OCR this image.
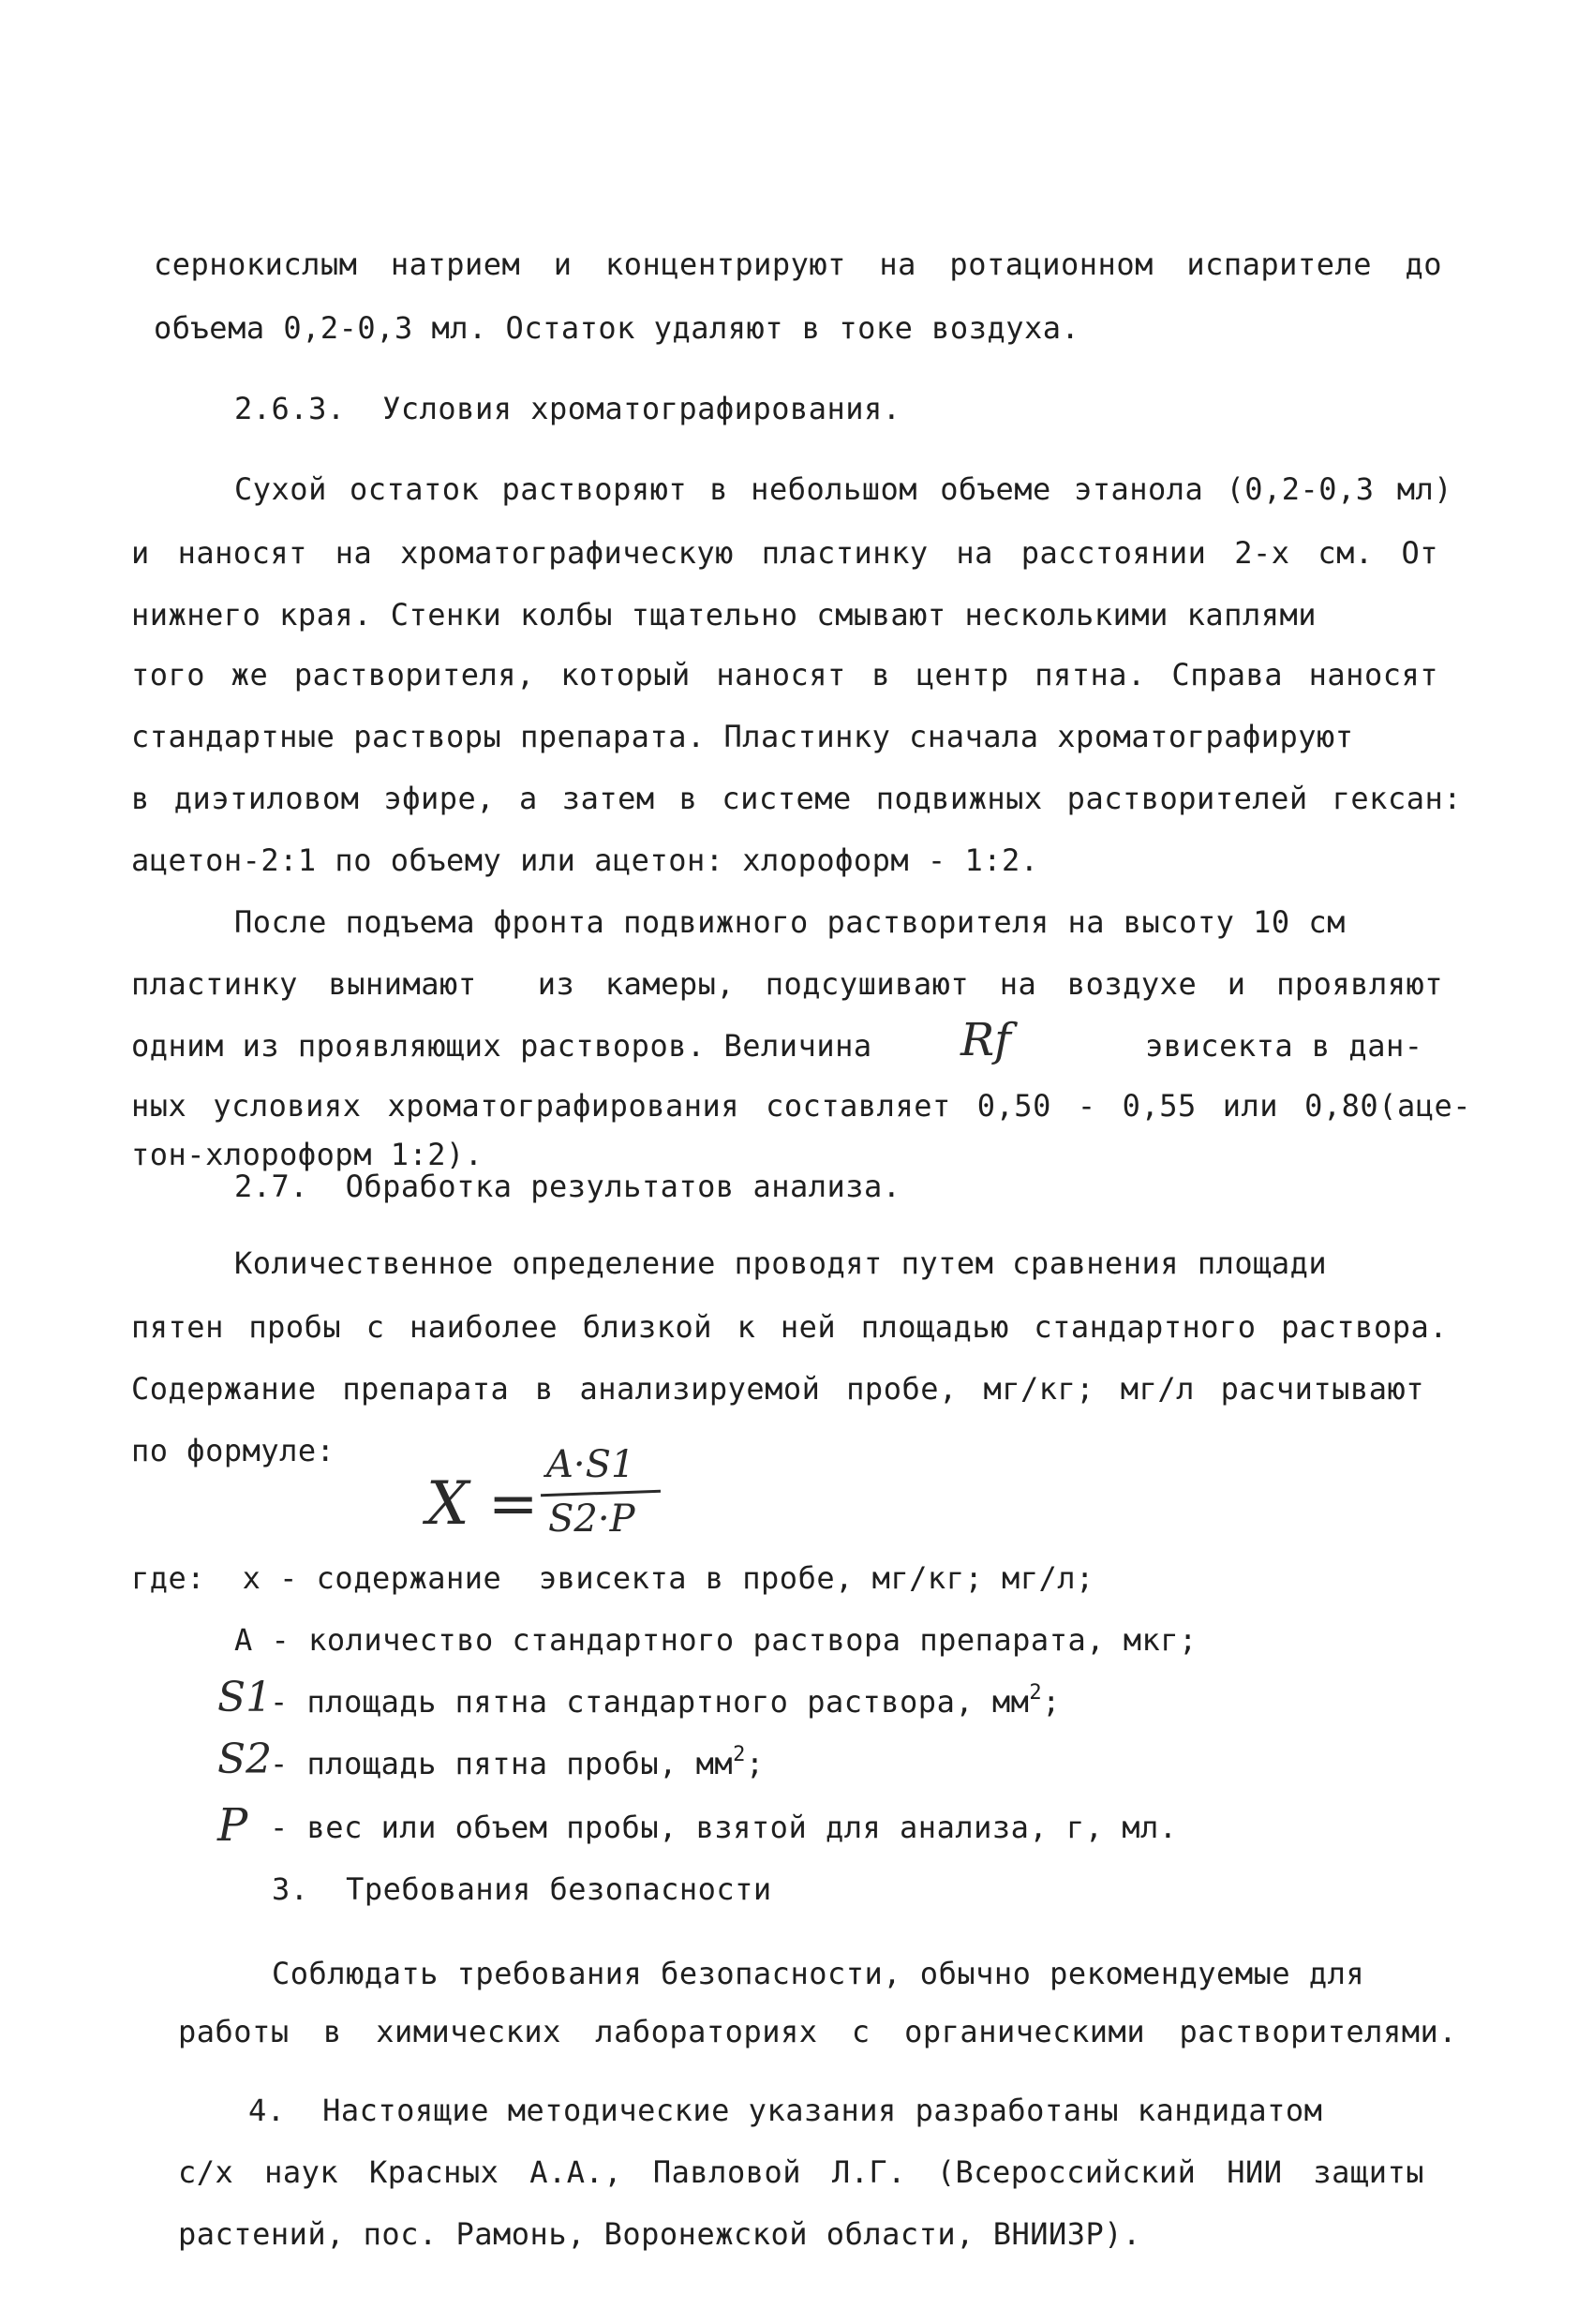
сернокислым натрием и концентрируют на ротационном испарителе до
объема 0,2-0,3 мл. Остаток удаляют в токе воздуха.
2.6.3.  Условия хроматографирования.
Сухой остаток растворяют в небольшом объеме этанола (0,2-0,3 мл)
и наносят на хроматографическую пластинку на расстоянии 2-х см. От
нижнего края. Стенки колбы тщательно смывают несколькими каплями
того же растворителя, который наносят в центр пятна. Справа наносят
стандартные растворы препарата. Пластинку сначала хроматографируют
в диэтиловом эфире, а затем в системе подвижных растворителей гексан:
ацетон-2:1 по объему или ацетон: хлороформ - 1:2.
После подъема фронта подвижного растворителя на высоту 10 см
пластинку вынимают  из камеры, подсушивают на воздухе и проявляют
одним из проявляющих растворов. Величина Rf	эвисекта в дан-
ных условиях хроматографирования составляет 0,50 - 0,55 или 0,80(аце-
тон-хлороформ 1:2).
2.7.  Обработка результатов анализа.
Количественное определение проводят путем сравнения площади
пятен пробы с наиболее близкой к ней площадью стандартного раствора.
Содержание препарата в анализируемой пробе, мг/кг; мг/л расчитывают
по формуле:
X =
A·S1
S2·P
где:  х - содержание  эвисекта в пробе, мг/кг; мг/л;
А - количество стандартного раствора препарата, мкг;
S1
- площадь пятна стандартного раствора, $мм^2$;
S2
- площадь пятна пробы, $мм^2$;
P - вес или объем пробы, взятой для анализа, г, мл.
3.  Требования безопасности
Соблюдать требования безопасности, обычно рекомендуемые для
работы в химических лабораториях с органическими растворителями.
4.  Настоящие методические указания разработаны кандидатом
с/х наук Красных А.А., Павловой Л.Г. (Всероссийский НИИ защиты
растений, пос. Рамонь, Воронежской области, ВНИИЗР).
